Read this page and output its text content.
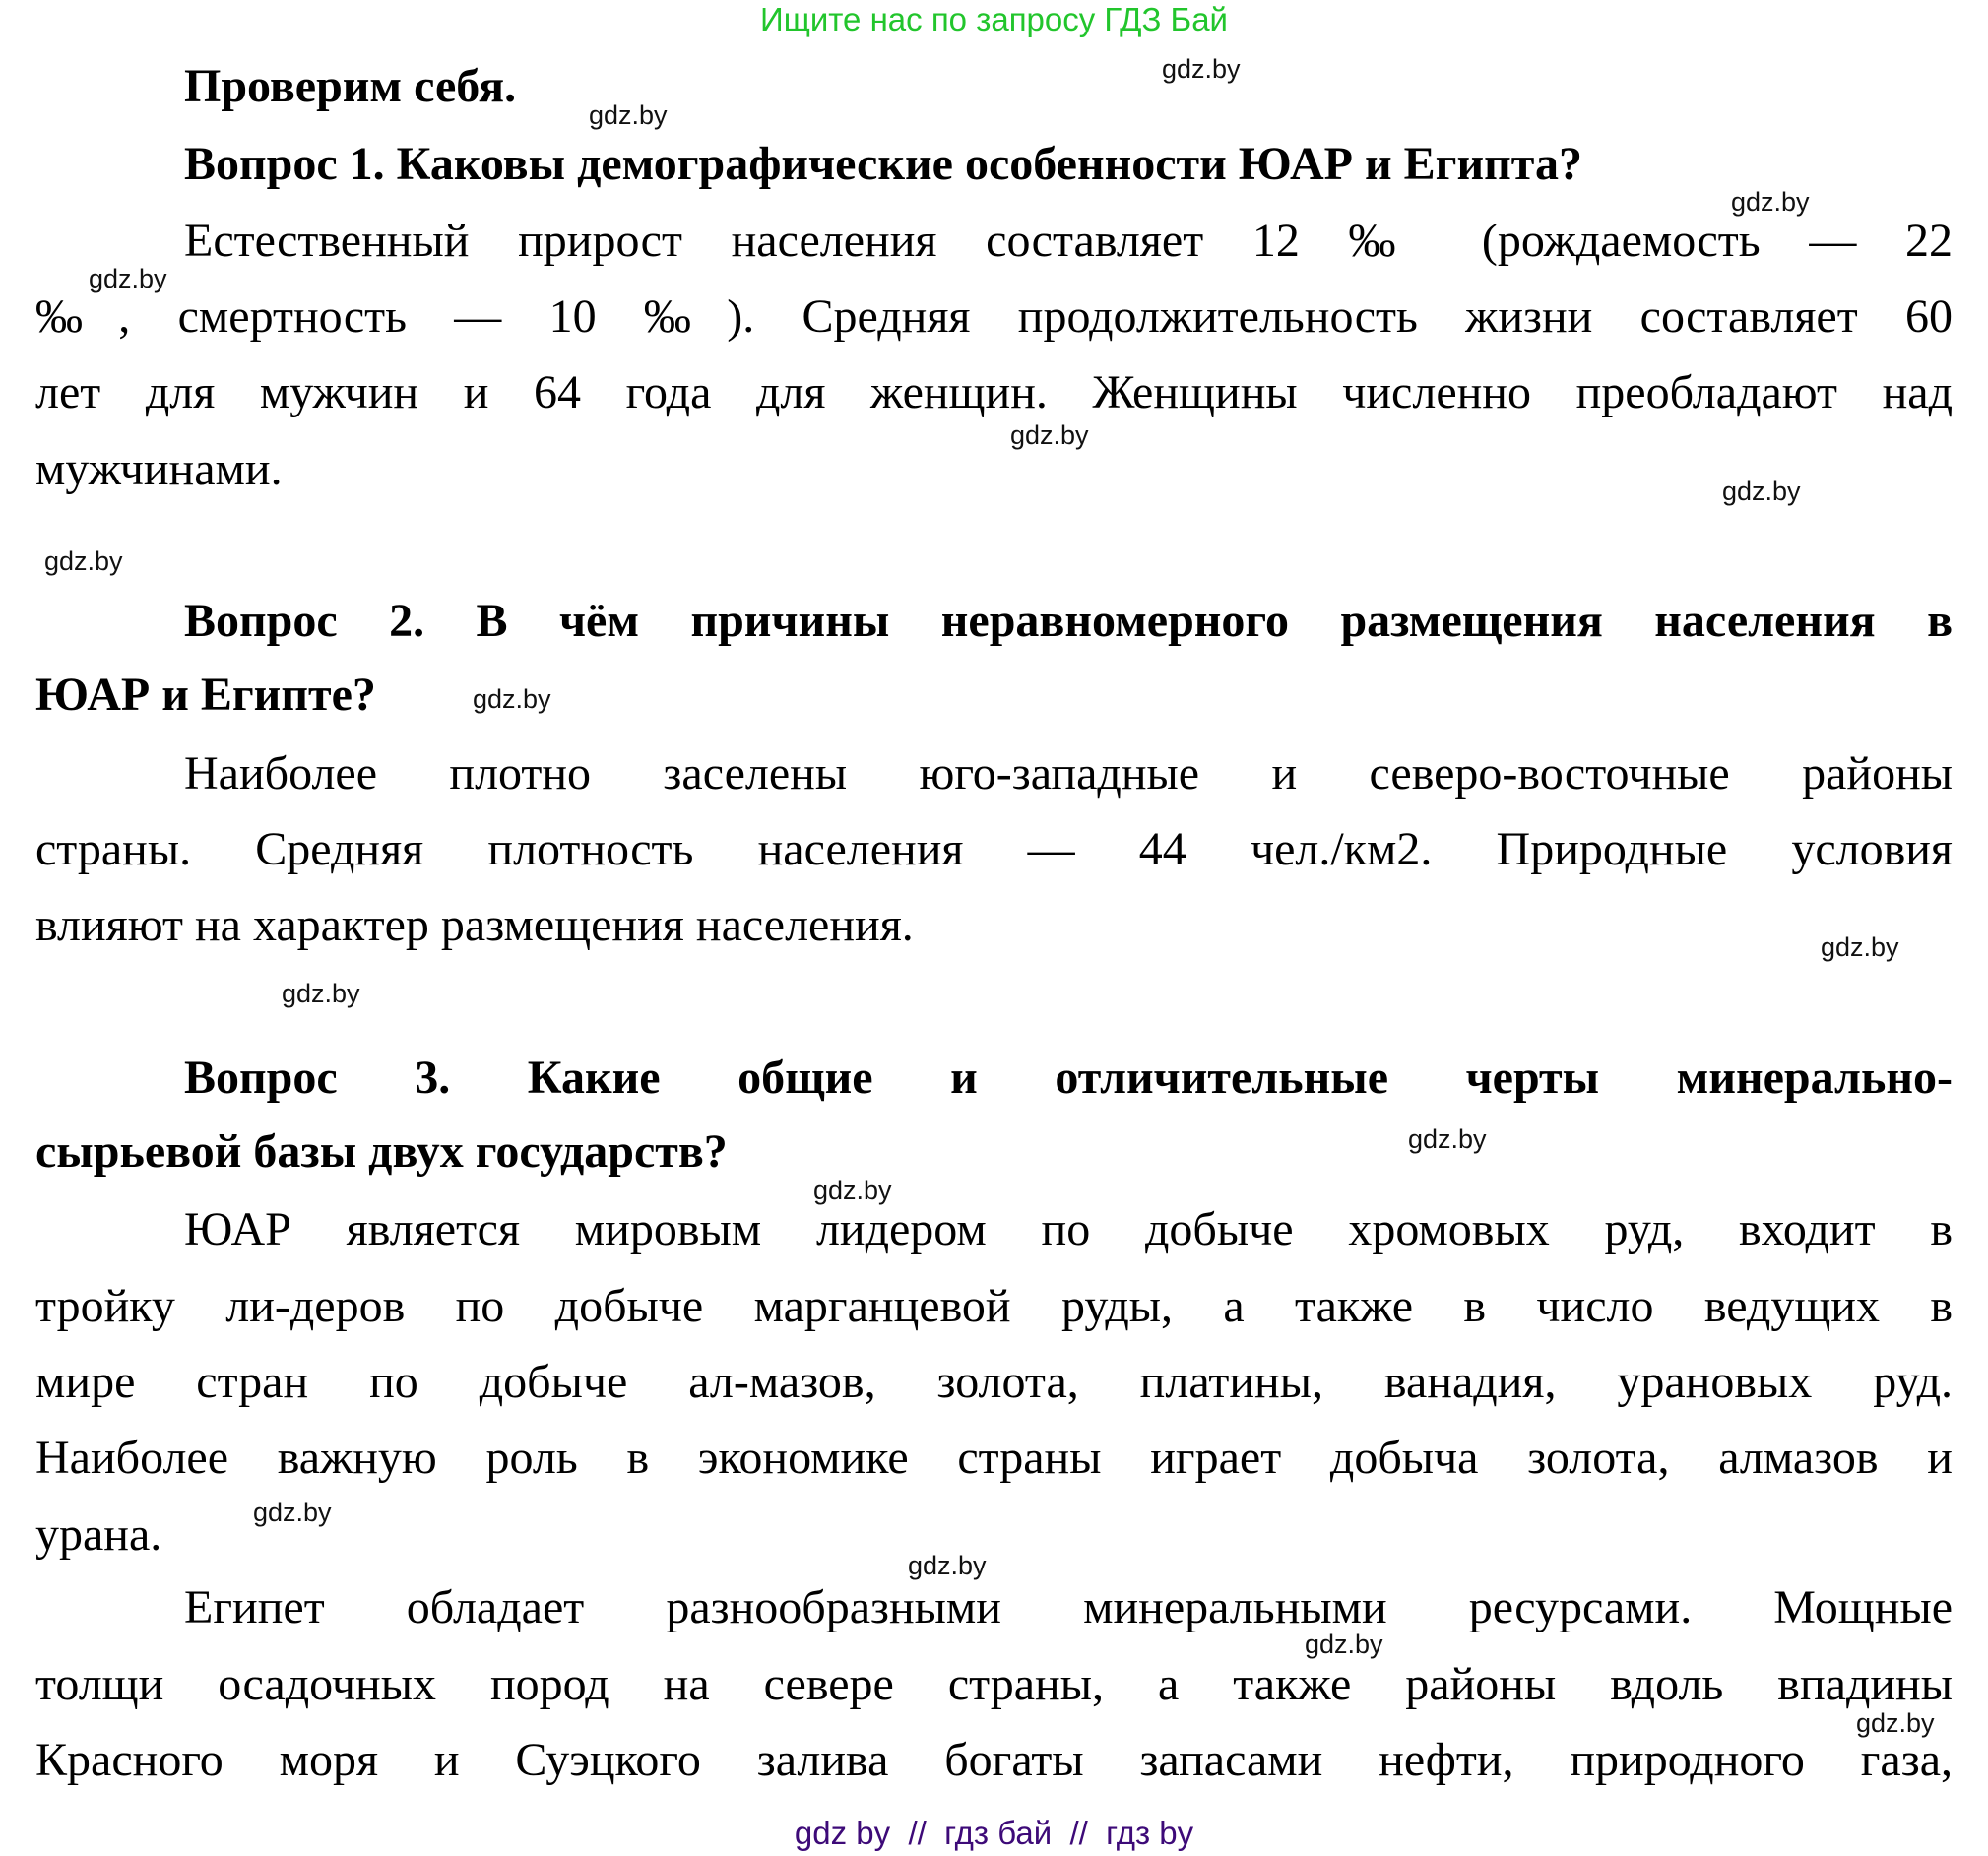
Ищите нас по запросу ГДЗ Бай
Проверим себя.
Вопрос 1. Каковы демографические особенности ЮАР и Египта?
Естественный прирост населения составляет 12 ‰ (рождаемость — 22
‰, смертность — 10 ‰). Средняя продолжительность жизни составляет 60
лет для мужчин и 64 года для женщин. Женщины численно преобладают над
мужчинами.
Вопрос 2. В чём причины неравномерного размещения населения в
ЮАР и Египте?
Наиболее плотно заселены юго-западные и северо-восточные районы
страны. Средняя плотность населения — 44 чел./км2. Природные условия
влияют на характер размещения населения.
Вопрос 3. Какие общие и отличительные черты минерально-
сырьевой базы двух государств?
ЮАР является мировым лидером по добыче хромовых руд, входит в
тройку ли-деров по добыче марганцевой руды, а также в число ведущих в
мире стран по добыче ал-мазов, золота, платины, ванадия, урановых руд.
Наиболее важную роль в экономике страны играет добыча золота, алмазов и
урана.
Египет обладает разнообразными минеральными ресурсами. Мощные
толщи осадочных пород на севере страны, а также районы вдоль впадины
Красного моря и Суэцкого залива богаты запасами нефти, природного газа,
gdz.by
gdz.by
gdz.by
gdz.by
gdz.by
gdz.by
gdz.by
gdz.by
gdz.by
gdz.by
gdz.by
gdz.by
gdz.by
gdz.by
gdz.by
gdz.by
gdz by  //  гдз бай  //  гдз by
